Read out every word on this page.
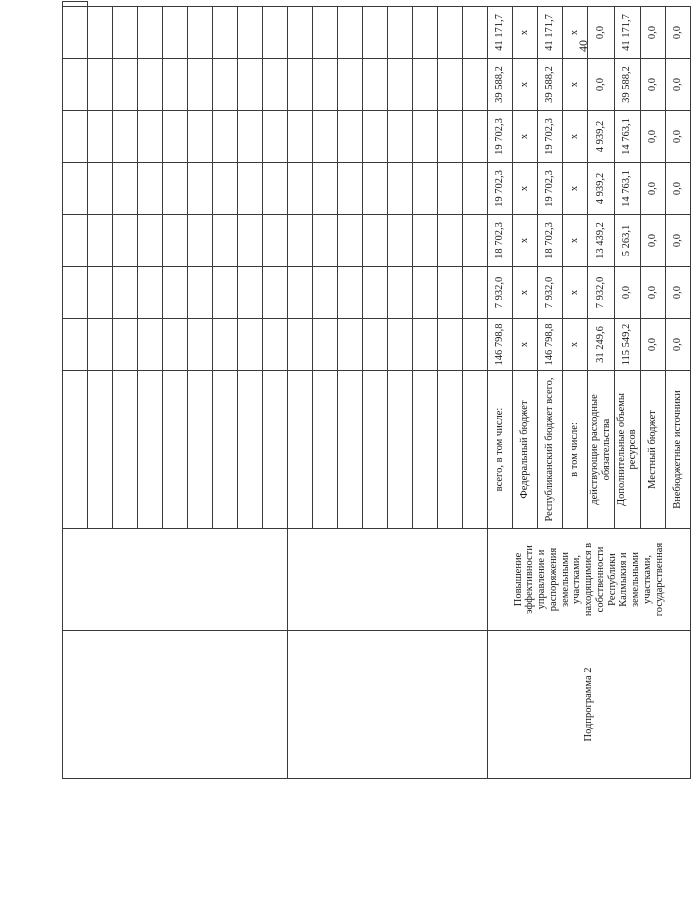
Подпрограмма 2	Повышение эффективности управление и распоряжения земельными участками, находящимися в собственности Республики Калмыкия и земельными участками, государственная	всего, в том числе:	146 798,8	7 932,0	18 702,3	19 702,3	19 702,3	39 588,2	41 171,7	
		Федеральный бюджет	х	х	х	х	х	х	х	
		Республиканский бюджет всего,	146 798,8	7 932,0	18 702,3	19 702,3	19 702,3	39 588,2	41 171,7	
		в том числе:	х	х	х	х	х	х	х	
		действующие расходные обязательства	31 249,6	7 932,0	13 439,2	4 939,2	4 939,2	0,0	0,0	
		Дополнительные объемы ресурсов	115 549,2	0,0	5 263,1	14 763,1	14 763,1	39 588,2	41 171,7	
		Местный бюджет	0,0	0,0	0,0	0,0	0,0	0,0	0,0	
		Внебюджетные источники	0,0	0,0	0,0	0,0	0,0	0,0	0,0	
40
